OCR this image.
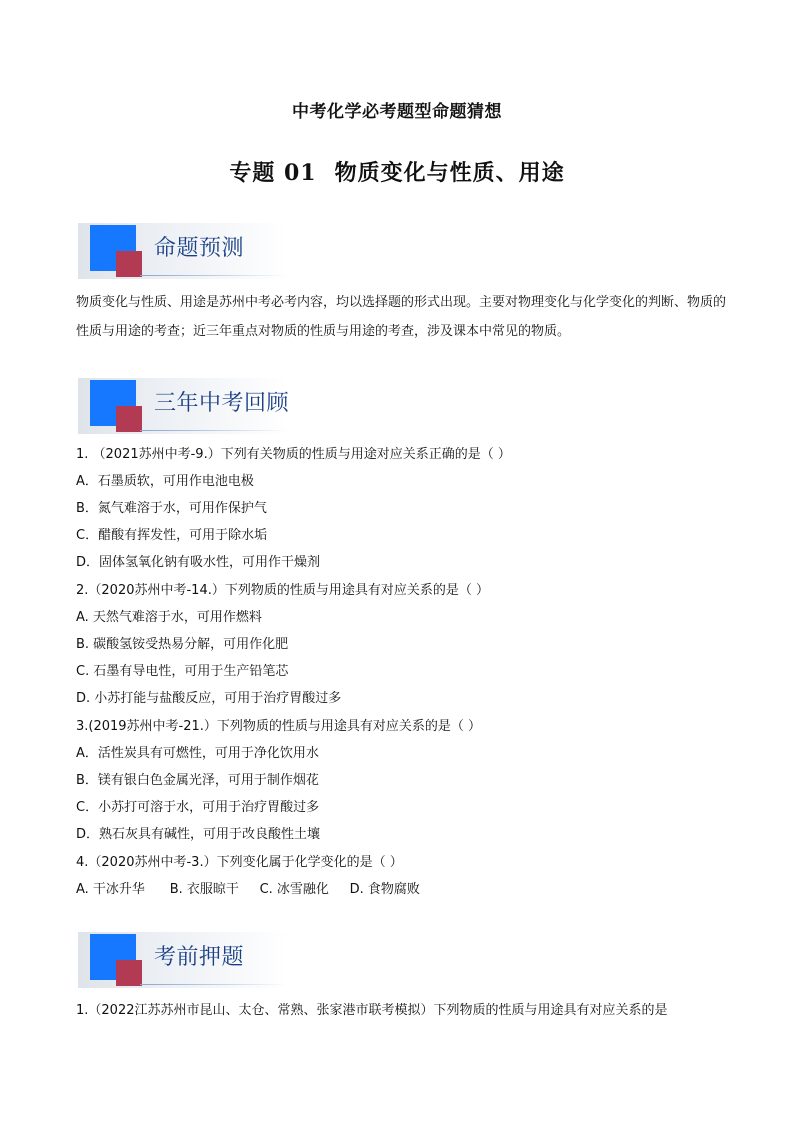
中考化学必考题型命题猜想
专题 01 物质变化与性质、用途
命题预测
物质变化与性质、用途是苏州中考必考内容，均以选择题的形式出现。主要对物理变化与化学变化的判断、物质的性质与用途的考查；近三年重点对物质的性质与用途的考查，涉及课本中常见的物质。
三年中考回顾
1. （2021苏州中考-9.）下列有关物质的性质与用途对应关系正确的是（ ）
A．石墨质软，可用作电池电极
B．氮气难溶于水，可用作保护气
C．醋酸有挥发性，可用于除水垢
D．固体氢氧化钠有吸水性，可用作干燥剂
2.（2020苏州中考-14.）下列物质的性质与用途具有对应关系的是（ ）
A. 天然气难溶于水，可用作燃料
B. 碳酸氢铵受热易分解，可用作化肥
C. 石墨有导电性，可用于生产铅笔芯
D. 小苏打能与盐酸反应，可用于治疗胃酸过多
3.(2019苏州中考-21.）下列物质的性质与用途具有对应关系的是（ ）
A．活性炭具有可燃性，可用于净化饮用水
B．镁有银白色金属光泽，可用于制作烟花
C．小苏打可溶于水，可用于治疗胃酸过多
D．熟石灰具有碱性，可用于改良酸性土壤
4.（2020苏州中考-3.）下列变化属于化学变化的是（ ）
A. 干冰升华      B. 衣服晾干     C. 冰雪融化     D. 食物腐败
考前押题
1.（2022江苏苏州市昆山、太仓、常熟、张家港市联考模拟）下列物质的性质与用途具有对应关系的是
